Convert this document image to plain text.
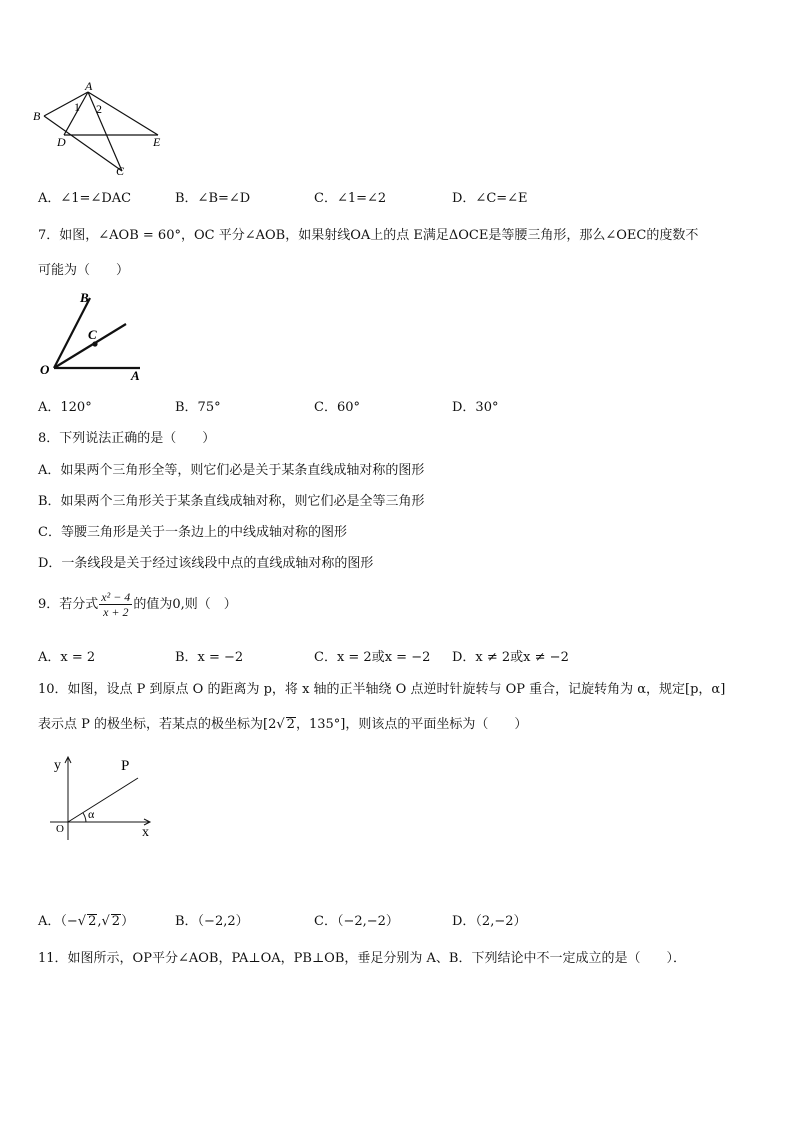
A
B
D	E
C
1 2
A．∠1=∠DAC	B．∠B=∠D	C．∠1=∠2	D．∠C=∠E
7．如图，∠AOB = 60°，OC 平分∠AOB，如果射线OA上的点 E满足ΔOCE是等腰三角形，那么∠OEC的度数不
可能为（　　）
B
C
O	A
A．120°	B．75°	C．60°	D．30°
8．下列说法正确的是（　　）
A．如果两个三角形全等，则它们必是关于某条直线成轴对称的图形
B．如果两个三角形关于某条直线成轴对称，则它们必是全等三角形
C．等腰三角形是关于一条边上的中线成轴对称的图形
D．一条线段是关于经过该线段中点的直线成轴对称的图形
9．若分式 $\frac{\text{x² − 4}}{x + 2}$ 的值为0,则（　）
A．x = 2	B．x = −2	C．x = 2或x = −2 D．x ≠ 2或x ≠ −2
10．如图，设点 P 到原点 O 的距离为 p，将 x 轴的正半轴绕 O 点逆时针旋转与 OP 重合，记旋转角为 α，规定[p，α]
表示点 P 的极坐标，若某点的极坐标为[2√ 2，135°]，则该点的平面坐标为（　　）
y	P
O
α
x
A．（−√ 2,√ 2）	B．（−2,2）	C．（−2,−2）	D．（2,−2）
11．如图所示，OP平分∠AOB，PA⊥OA，PB⊥OB，垂足分别为 A、B．下列结论中不一定成立的是（　　）．
